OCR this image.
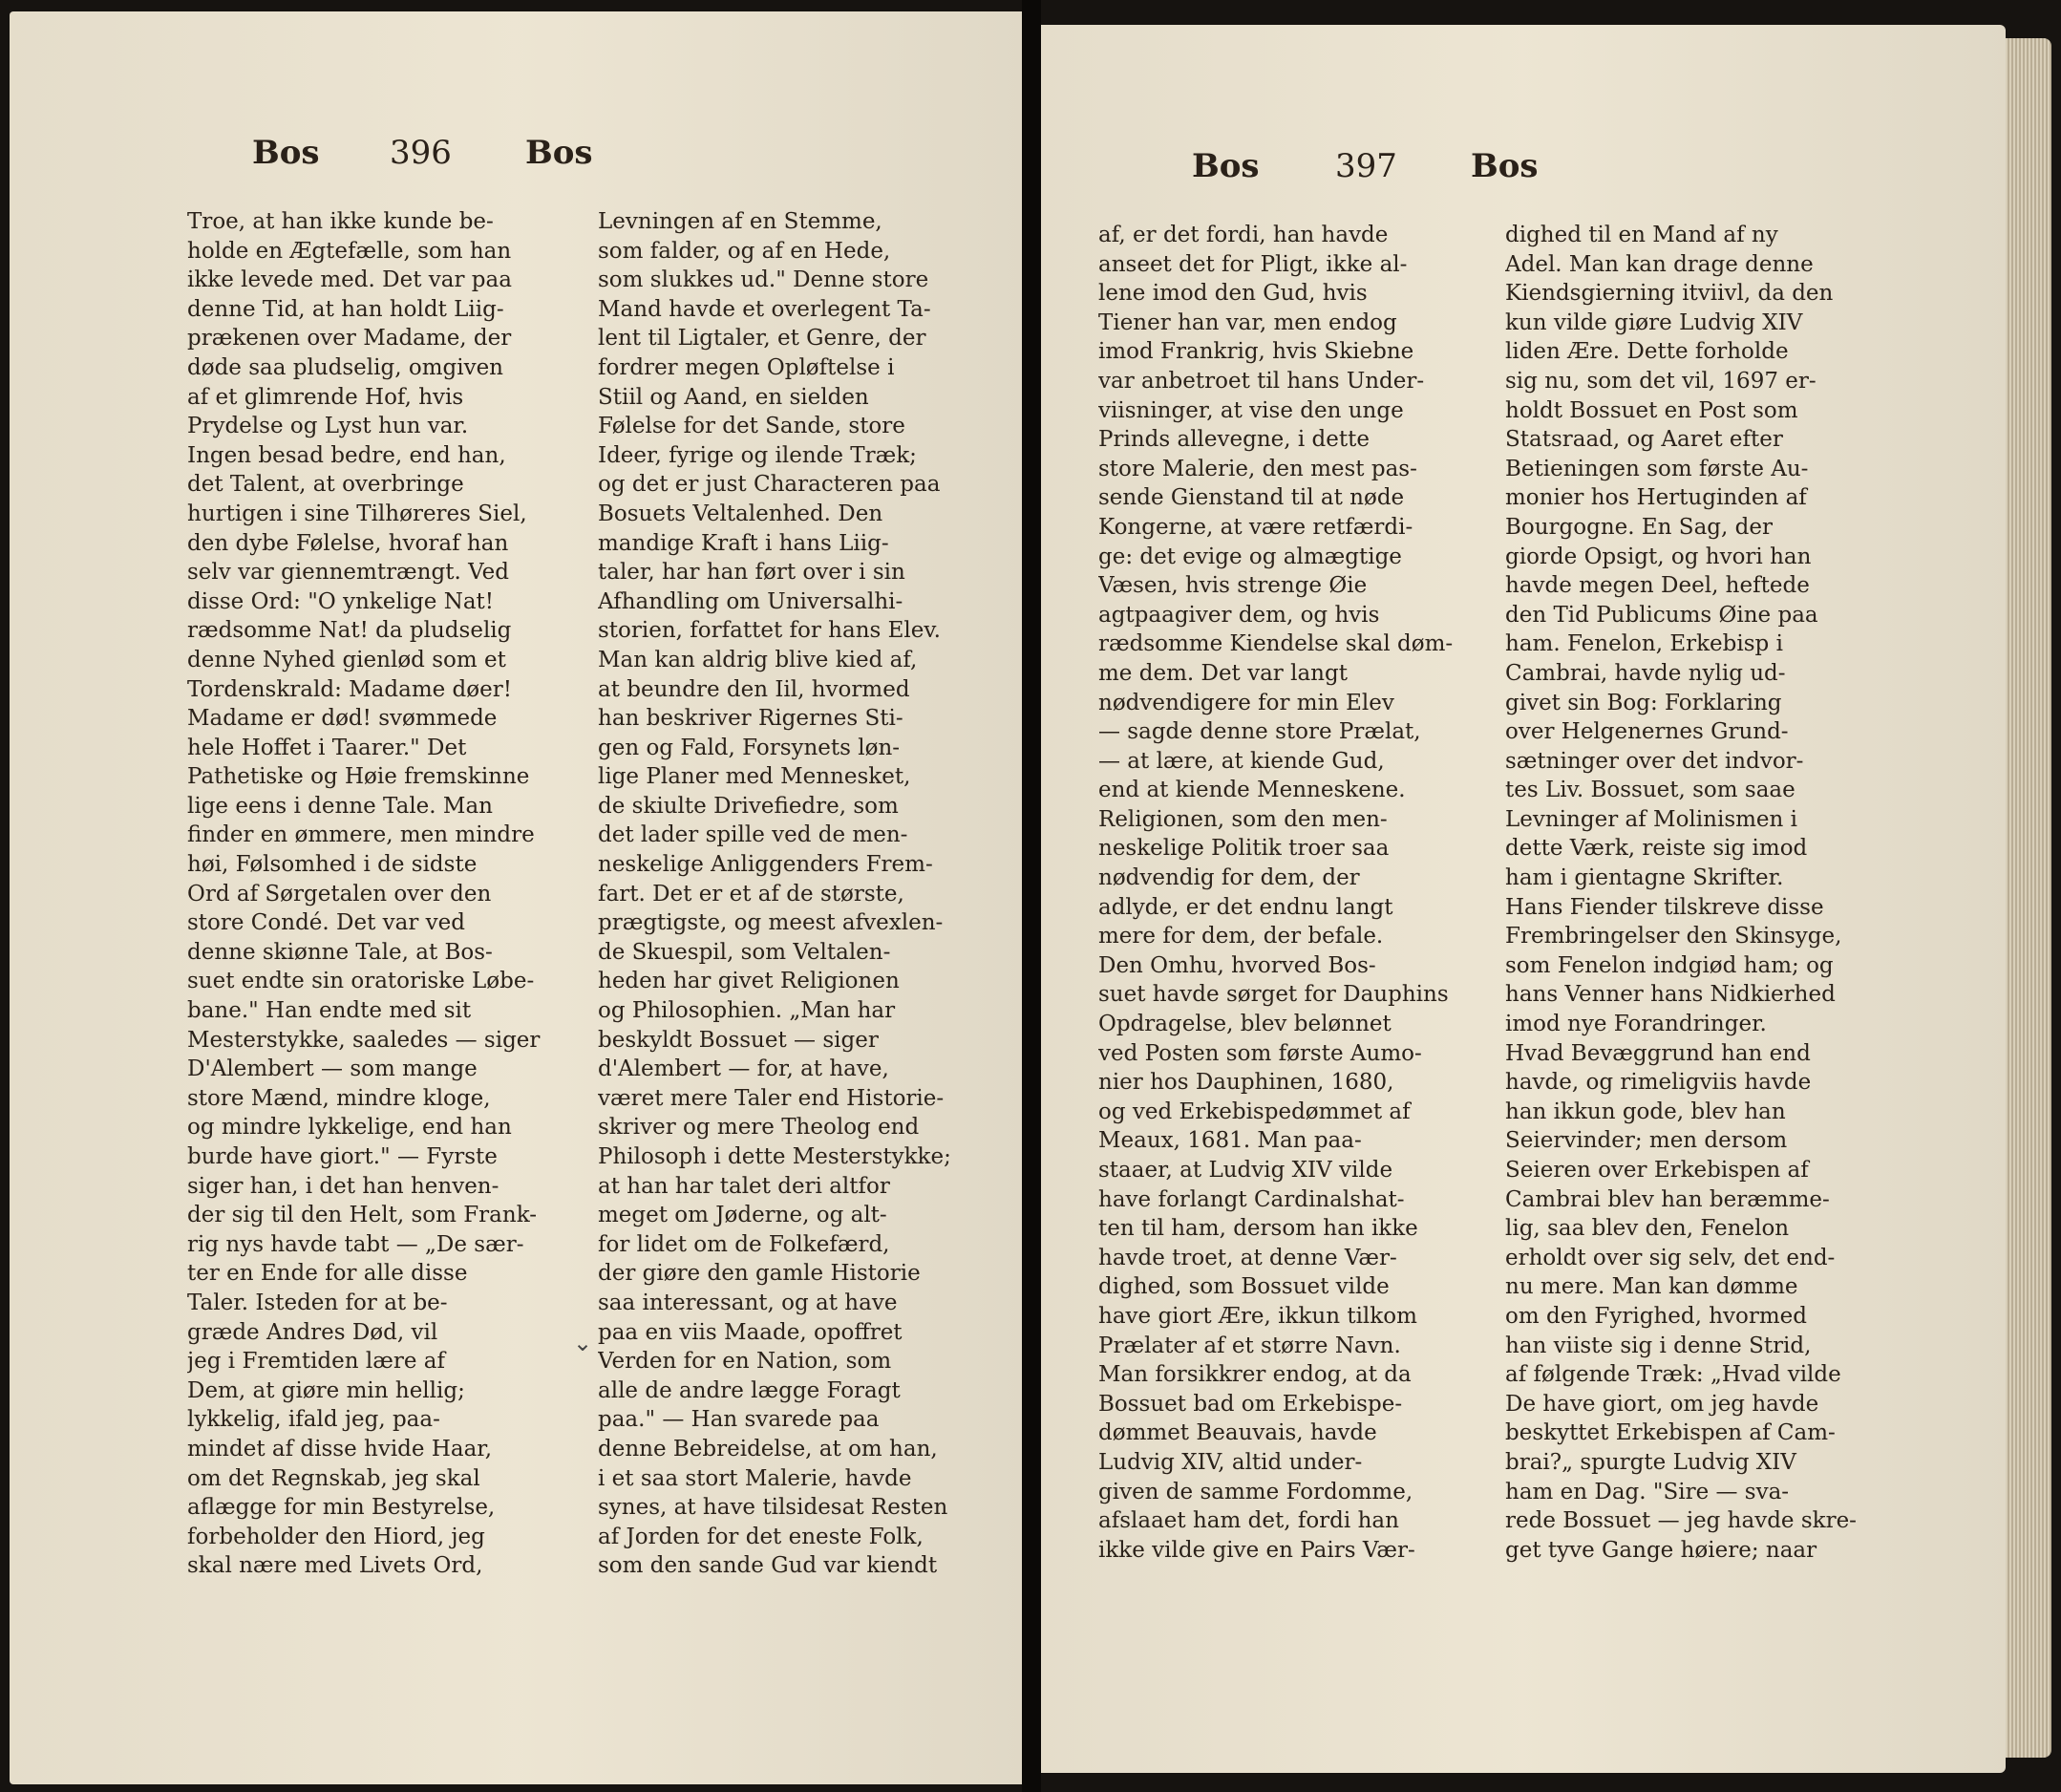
Bos 396 Bos

Troe, at han ikke kunde be-

holde en Ægtefælle, som han

ikke levede med. Det var paa

denne Tid, at han holdt Liig-

prækenen over Madame, der

døde saa pludselig, omgiven

af et glimrende Hof, hvis

Prydelse og Lyst hun var.

Ingen besad bedre, end han,

det Talent, at overbringe

hurtigen i sine Tilhøreres Siel,

den dybe Følelse, hvoraf han

selv var giennemtrængt. Ved

disse Ord: "O ynkelige Nat!

rædsomme Nat! da pludselig

denne Nyhed gienlød som et

Tordenskrald: Madame døer!

Madame er død! svømmede

hele Hoffet i Taarer." Det

Pathetiske og Høie fremskinne

lige eens i denne Tale. Man

finder en ømmere, men mindre

høi, Følsomhed i de sidste

Ord af Sørgetalen over den

store Condé. Det var ved

denne skiønne Tale, at Bos-

suet endte sin oratoriske Løbe-

bane." Han endte med sit

Mesterstykke, saaledes — siger

D'Alembert — som mange

store Mænd, mindre kloge,

og mindre lykkelige, end han

burde have giort." — Fyrste

siger han, i det han henven-

der sig til den Helt, som Frank-

rig nys havde tabt — „De sær-

ter en Ende for alle disse

Taler. Isteden for at be-

græde Andres Død, vil

jeg i Fremtiden lære af

Dem, at giøre min hellig;

lykkelig, ifald jeg, paa-

mindet af disse hvide Haar,

om det Regnskab, jeg skal

aflægge for min Bestyrelse,

forbeholder den Hiord, jeg

skal nære med Livets Ord,

Levningen af en Stemme,

som falder, og af en Hede,

som slukkes ud." Denne store

Mand havde et overlegent Ta-

lent til Ligtaler, et Genre, der

fordrer megen Opløftelse i

Stiil og Aand, en sielden

Følelse for det Sande, store

Ideer, fyrige og ilende Træk;

og det er just Characteren paa

Bosuets Veltalenhed. Den

mandige Kraft i hans Liig-

taler, har han ført over i sin

Afhandling om Universalhi-

storien, forfattet for hans Elev.

Man kan aldrig blive kied af,

at beundre den Iil, hvormed

han beskriver Rigernes Sti-

gen og Fald, Forsynets løn-

lige Planer med Mennesket,

de skiulte Drivefiedre, som

det lader spille ved de men-

neskelige Anliggenders Frem-

fart. Det er et af de største,

prægtigste, og meest afvexlen-

de Skuespil, som Veltalen-

heden har givet Religionen

og Philosophien. „Man har

beskyldt Bossuet — siger

d'Alembert — for, at have,

været mere Taler end Historie-

skriver og mere Theolog end

Philosoph i dette Mesterstykke;

at han har talet deri altfor

meget om Jøderne, og alt-

for lidet om de Folkefærd,

der giøre den gamle Historie

saa interessant, og at have

paa en viis Maade, opoffret

Verden for en Nation, som

alle de andre lægge Foragt

paa." — Han svarede paa

denne Bebreidelse, at om han,

i et saa stort Malerie, havde

synes, at have tilsidesat Resten

af Jorden for det eneste Folk,

som den sande Gud var kiendt

⌄
Bos 397 Bos

af, er det fordi, han havde

anseet det for Pligt, ikke al-

lene imod den Gud, hvis

Tiener han var, men endog

imod Frankrig, hvis Skiebne

var anbetroet til hans Under-

viisninger, at vise den unge

Prinds allevegne, i dette

store Malerie, den mest pas-

sende Gienstand til at nøde

Kongerne, at være retfærdi-

ge: det evige og almægtige

Væsen, hvis strenge Øie

agtpaagiver dem, og hvis

rædsomme Kiendelse skal døm-

me dem. Det var langt

nødvendigere for min Elev

— sagde denne store Prælat,

— at lære, at kiende Gud,

end at kiende Menneskene.

Religionen, som den men-

neskelige Politik troer saa

nødvendig for dem, der

adlyde, er det endnu langt

mere for dem, der befale.

Den Omhu, hvorved Bos-

suet havde sørget for Dauphins

Opdragelse, blev belønnet

ved Posten som første Aumo-

nier hos Dauphinen, 1680,

og ved Erkebispedømmet af

Meaux, 1681. Man paa-

staaer, at Ludvig XIV vilde

have forlangt Cardinalshat-

ten til ham, dersom han ikke

havde troet, at denne Vær-

dighed, som Bossuet vilde

have giort Ære, ikkun tilkom

Prælater af et større Navn.

Man forsikkrer endog, at da

Bossuet bad om Erkebispe-

dømmet Beauvais, havde

Ludvig XIV, altid under-

given de samme Fordomme,

afslaaet ham det, fordi han

ikke vilde give en Pairs Vær-

dighed til en Mand af ny

Adel. Man kan drage denne

Kiendsgierning itviivl, da den

kun vilde giøre Ludvig XIV

liden Ære. Dette forholde

sig nu, som det vil, 1697 er-

holdt Bossuet en Post som

Statsraad, og Aaret efter

Betieningen som første Au-

monier hos Hertuginden af

Bourgogne. En Sag, der

giorde Opsigt, og hvori han

havde megen Deel, heftede

den Tid Publicums Øine paa

ham. Fenelon, Erkebisp i

Cambrai, havde nylig ud-

givet sin Bog: Forklaring

over Helgenernes Grund-

sætninger over det indvor-

tes Liv. Bossuet, som saae

Levninger af Molinismen i

dette Værk, reiste sig imod

ham i gientagne Skrifter.

Hans Fiender tilskreve disse

Frembringelser den Skinsyge,

som Fenelon indgiød ham; og

hans Venner hans Nidkierhed

imod nye Forandringer.

Hvad Bevæggrund han end

havde, og rimeligviis havde

han ikkun gode, blev han

Seiervinder; men dersom

Seieren over Erkebispen af

Cambrai blev han beræmme-

lig, saa blev den, Fenelon

erholdt over sig selv, det end-

nu mere. Man kan dømme

om den Fyrighed, hvormed

han viiste sig i denne Strid,

af følgende Træk: „Hvad vilde

De have giort, om jeg havde

beskyttet Erkebispen af Cam-

brai?„ spurgte Ludvig XIV

ham en Dag. "Sire — sva-

rede Bossuet — jeg havde skre-

get tyve Gange høiere; naar
